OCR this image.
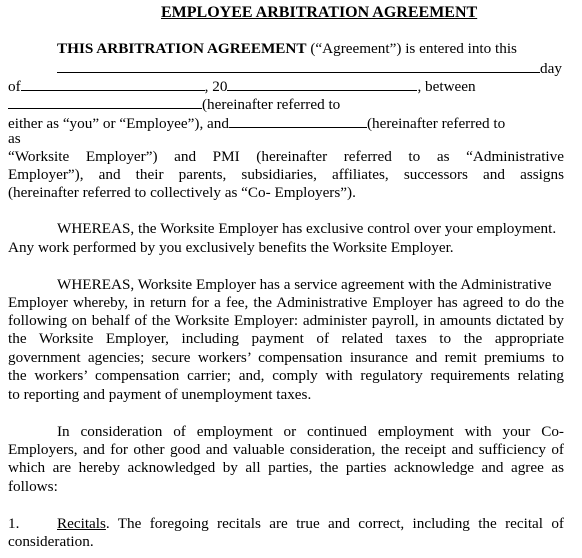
EMPLOYEE ARBITRATION AGREEMENT
THIS ARBITRATION AGREEMENT (“Agreement”) is entered into this
day
of	, 20	, between
(hereinafter referred to
either as “you” or “Employee”), and	(hereinafter referred to
as
“Worksite Employer”) and PMI (hereinafter referred to as “Administrative
Employer”), and their parents, subsidiaries, affiliates, successors and assigns
(hereinafter referred to collectively as “Co- Employers”).
WHEREAS, the Worksite Employer has exclusive control over your employment.
Any work performed by you exclusively benefits the Worksite Employer.
WHEREAS, Worksite Employer has a service agreement with the Administrative
Employer whereby, in return for a fee, the Administrative Employer has agreed to do the
following on behalf of the Worksite Employer: administer payroll, in amounts dictated by
the Worksite Employer, including payment of related taxes to the appropriate
government agencies; secure workers’ compensation insurance and remit premiums to
the workers’ compensation carrier; and, comply with regulatory requirements relating
to reporting and payment of unemployment taxes.
In consideration of employment or continued employment with your Co-
Employers, and for other good and valuable consideration, the receipt and sufficiency of
which are hereby acknowledged by all parties, the parties acknowledge and agree as
follows:
1. Recitals. The foregoing recitals are true and correct, including the recital of
consideration.
